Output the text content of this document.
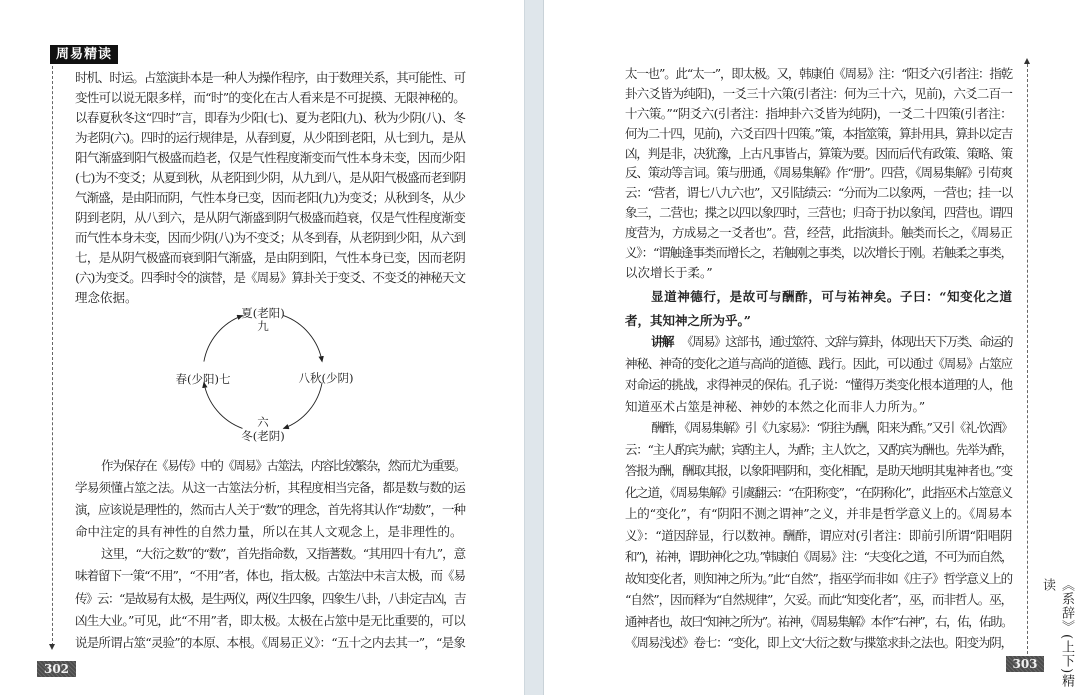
周易精读
302
时机、时运。占筮演卦本是一种人为操作程序，由于数理关系，其可能性、可
变性可以说无限多样，而“时”的变化在古人看来是不可捉摸、无限神秘的。
以春夏秋冬这“四时”言，即春为少阳(七)、夏为老阳(九)、秋为少阴(八)、冬
为老阴(六)。四时的运行规律是，从春到夏，从少阳到老阳，从七到九，是从
阳气渐盛到阳气极盛而趋老，仅是气性程度渐变而气性本身未变，因而少阳
(七)为不变爻；从夏到秋，从老阳到少阴，从九到八，是从阳气极盛而老到阴
气渐盛，是由阳而阴，气性本身已变，因而老阳(九)为变爻；从秋到冬，从少
阴到老阴，从八到六，是从阴气渐盛到阴气极盛而趋衰，仅是气性程度渐变
而气性本身未变，因而少阴(八)为不变爻；从冬到春，从老阴到少阳，从六到
七，是从阴气极盛而衰到阳气渐盛，是由阴到阳，气性本身已变，因而老阴
(六)为变爻。四季时令的演替，是《周易》算卦关于变爻、不变爻的神秘天文
理念依据。
夏(老阳)
九
八秋(少阴)
春(少阳)七
六
冬(老阴)
作为保存在《易传》中的《周易》古筮法，内容比较繁杂，然而尤为重要。
学易须懂占筮之法。从这一古筮法分析，其程度相当完备，都是数与数的运
演，应该说是理性的，然而古人关于“数”的理念，首先将其认作“劫数”，一种
命中注定的具有神性的自然力量，所以在其人文观念上，是非理性的。
这里，“大衍之数”的“数”，首先指命数，又指蓍数。“其用四十有九”，意
味着留下一策“不用”，“不用”者，体也，指太极。古筮法中未言太极，而《易
传》云：“是故易有太极，是生两仪，两仪生四象，四象生八卦，八卦定吉凶，吉
凶生大业。”可见，此“不用”者，即太极。太极在占筮中是无比重要的，可以
说是所谓占筮“灵验”的本原、本根。《周易正义》：“五十之内去其一”，“是象	《系辞》(上下)精读
303
太一也”。此“太一”，即太极。又，韩康伯《周易》注：“阳爻六(引者注：指乾
卦六爻皆为纯阳)，一爻三十六策(引者注：何为三十六，见前)，六爻二百一
十六策。”“阴爻六(引者注：指坤卦六爻皆为纯阴)，一爻二十四策(引者注：
何为二十四，见前)，六爻百四十四策。”策，本指筮策，算卦用具，算卦以定吉
凶，判是非，决犹豫，上古凡事皆占，算策为要。因而后代有政策、策略、策
反、策动等言词。策与册通，《周易集解》作“册”。四营，《周易集解》引荀爽
云：“营者，谓七八九六也”，又引陆绩云：“分而为二以象两，一营也；挂一以
象三，二营也；揲之以四以象四时，三营也；归奇于扐以象闰，四营也。谓四
度营为，方成易之一爻者也”。营，经营，此指演卦。触类而长之，《周易正
义》：“谓触逢事类而增长之，若触刚之事类，以次增长于刚。若触柔之事类，
以次增长于柔。”
显道神德行，是故可与酬酢，可与祐神矣。子曰：“知变化之道
者，其知神之所为乎。”
讲解 《周易》这部书，通过筮符、文辞与算卦，体现出天下万类、命运的
神秘、神奇的变化之道与高尚的道德、践行。因此，可以通过《周易》占筮应
对命运的挑战，求得神灵的保佑。孔子说：“懂得万类变化根本道理的人，他
知道巫术占筮是神秘、神妙的本然之化而非人力所为。”
酬酢，《周易集解》引《九家易》：“阴往为酬，阳来为酢。”又引《礼·饮酒》
云：“主人酌宾为献；宾酌主人，为酢；主人饮之，又酌宾为酬也。先举为酢，
答报为酬，酬取其报，以象阳唱阴和，变化相配，是助天地明其鬼神者也。”变
化之道，《周易集解》引虞翻云：“在阳称变”，“在阴称化”，此指巫术占筮意义
上的“变化”，有“阴阳不测之谓神”之义，并非是哲学意义上的。《周易本
义》：“道因辞显，行以数神。酬酢，谓应对(引者注：即前引所谓“阳唱阴
和”)，祐神，谓助神化之功。”韩康伯《周易》注：“夫变化之道，不可为而自然，
故知变化者，则知神之所为。”此“自然”，指巫学而非如《庄子》哲学意义上的
“自然”，因而释为“自然规律”，欠妥。而此“知变化者”，巫，而非哲人。巫，
通神者也，故曰“知神之所为”。祐神，《周易集解》本作“右神”，右，佑，佑助。
《周易浅述》卷七：“变化，即上文‘大衍之数’与揲筮求卦之法也。阳变为阴，
